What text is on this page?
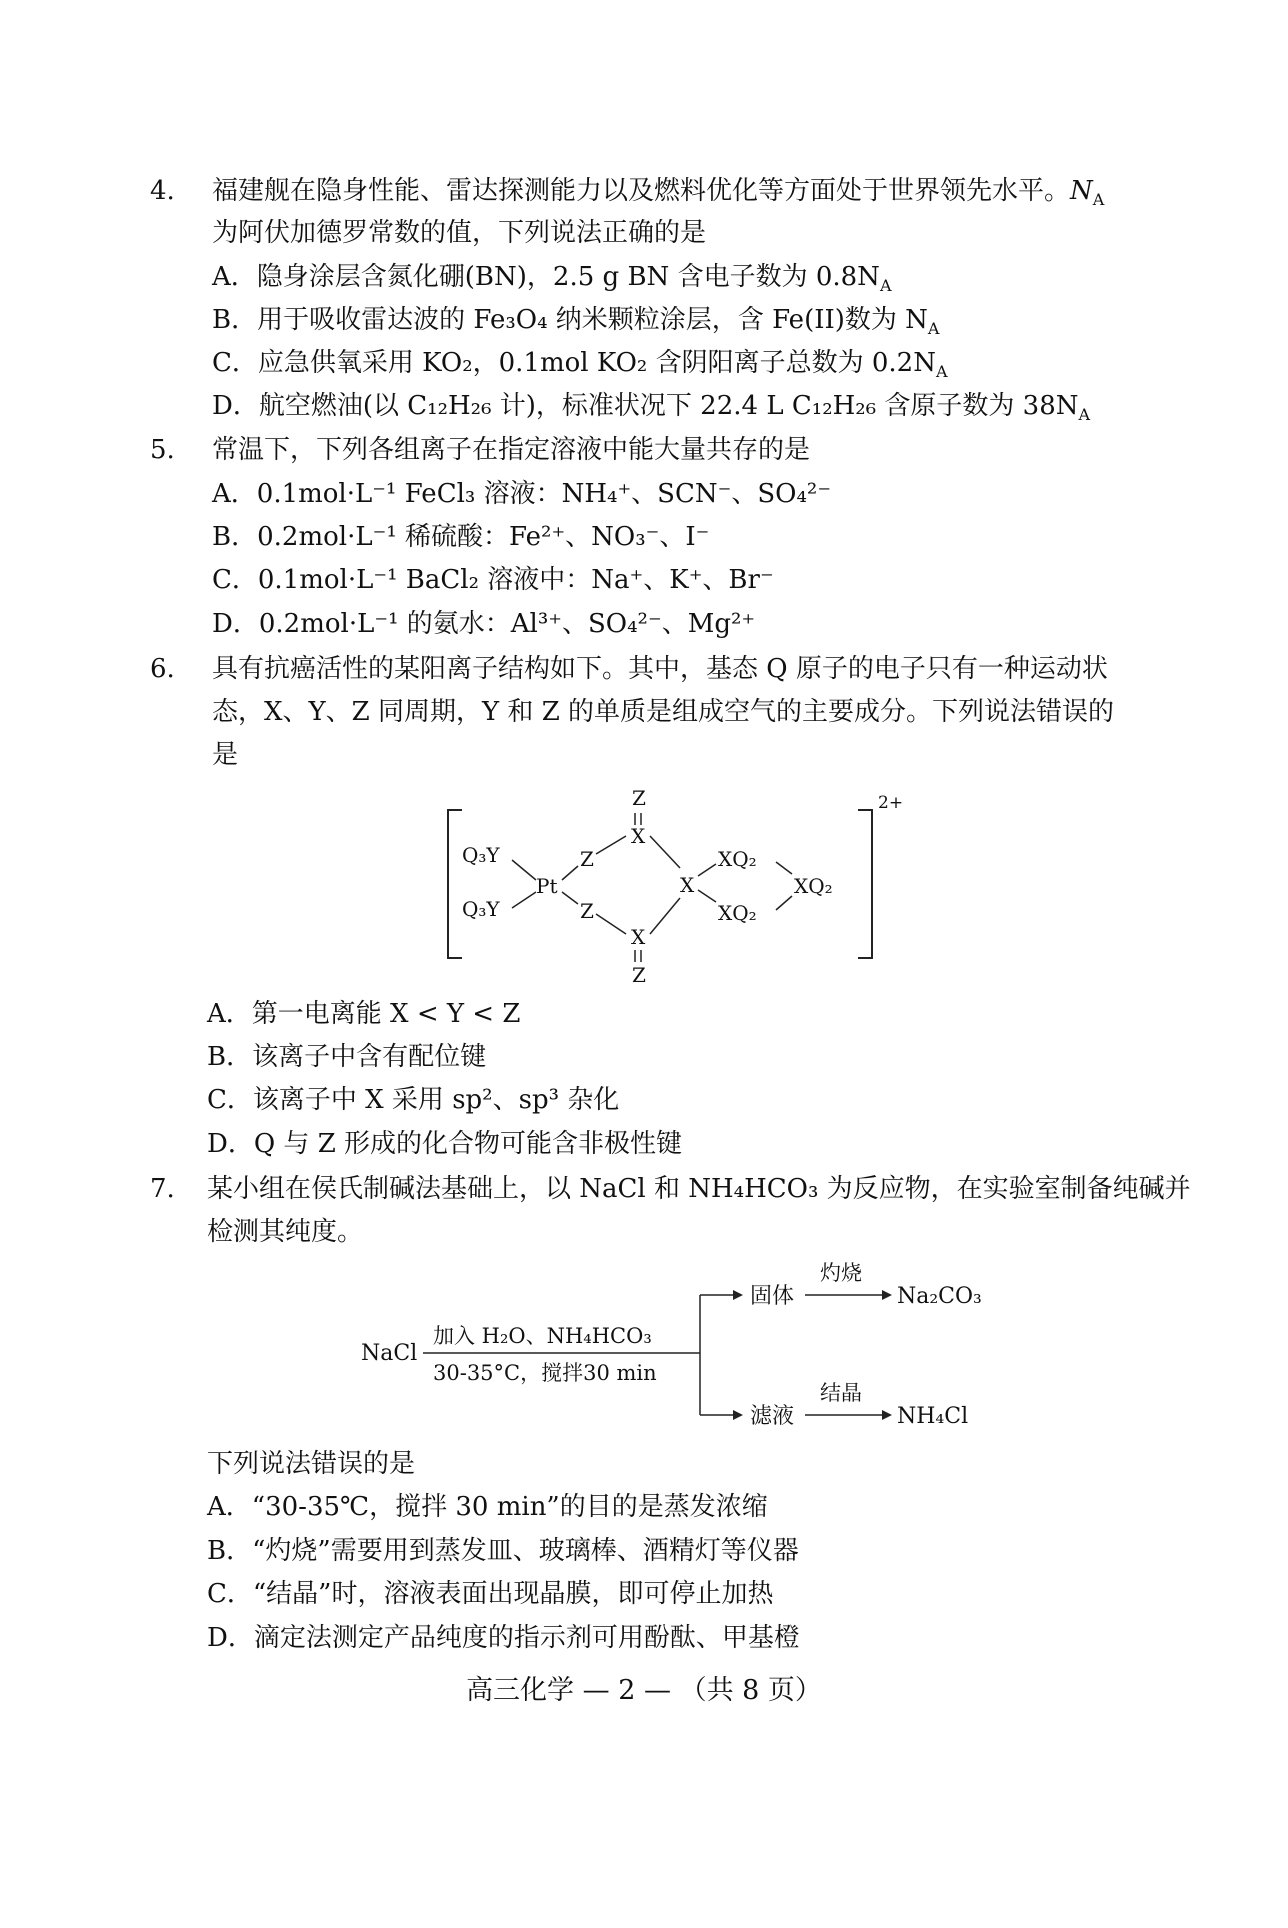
4. 福建舰在隐身性能、雷达探测能力以及燃料优化等方面处于世界领先水平。$N_A$
为阿伏加德罗常数的值，下列说法正确的是
A．隐身涂层含氮化硼(BN)，2.5 g BN 含电子数为 $0.8N_A$
B．用于吸收雷达波的 Fe₃O₄ 纳米颗粒涂层，含 Fe(II)数为 $N_A$
C．应急供氧采用 KO₂，0.1mol KO₂ 含阴阳离子总数为 $0.2N_A$
D．航空燃油(以 C₁₂H₂₆ 计)，标准状况下 22.4 L C₁₂H₂₆ 含原子数为 $38N_A$
5. 常温下，下列各组离子在指定溶液中能大量共存的是
A．0.1mol·L⁻¹ FeCl₃ 溶液：NH₄⁺、SCN⁻、SO₄²⁻
B．0.2mol·L⁻¹ 稀硫酸：Fe²⁺、NO₃⁻、I⁻
C．0.1mol·L⁻¹ BaCl₂ 溶液中：Na⁺、K⁺、Br⁻
D．0.2mol·L⁻¹ 的氨水：Al³⁺、SO₄²⁻、Mg²⁺
6. 具有抗癌活性的某阳离子结构如下。其中，基态 Q 原子的电子只有一种运动状
态，X、Y、Z 同周期，Y 和 Z 的单质是组成空气的主要成分。下列说法错误的
是
2+
Z
X
X
Z
Q₃Y
Q₃Y
Pt
Z
Z
X
XQ₂
XQ₂
XQ₂
A．第一电离能 X < Y < Z
B．该离子中含有配位键
C．该离子中 X 采用 sp²、sp³ 杂化
D．Q 与 Z 形成的化合物可能含非极性键
7. 某小组在侯氏制碱法基础上，以 NaCl 和 NH₄HCO₃ 为反应物，在实验室制备纯碱并
检测其纯度。
NaCl
加入 H₂O、NH₄HCO₃
30-35°C，搅拌30 min
固体
灼烧
Na₂CO₃
滤液
结晶
NH₄Cl
下列说法错误的是
A．“30-35℃，搅拌 30 min”的目的是蒸发浓缩
B．“灼烧”需要用到蒸发皿、玻璃棒、酒精灯等仪器
C．“结晶”时，溶液表面出现晶膜，即可停止加热
D．滴定法测定产品纯度的指示剂可用酚酞、甲基橙
高三化学 — 2 — （共 8 页）
